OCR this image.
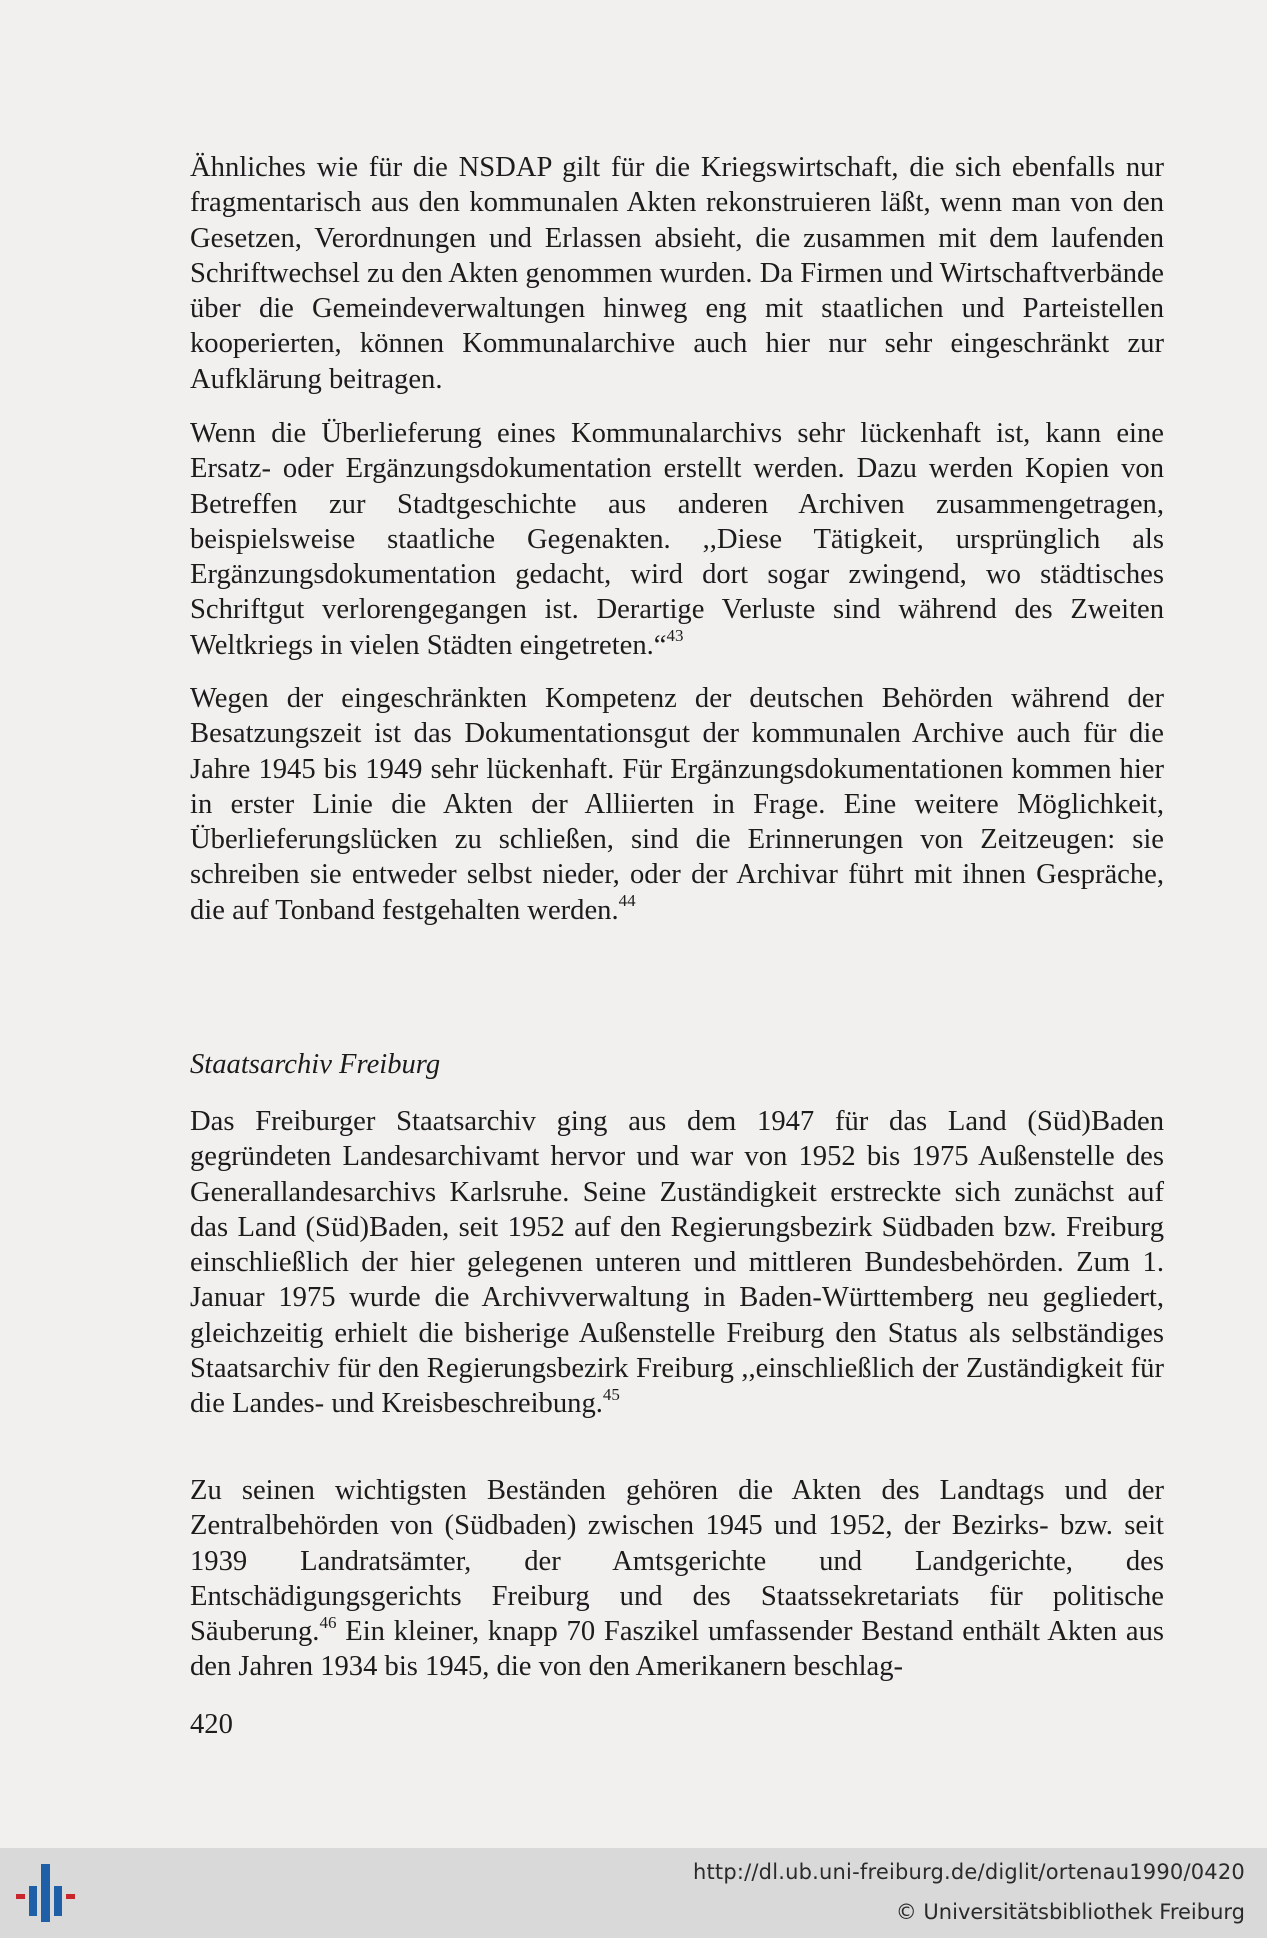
Ähnliches wie für die NSDAP gilt für die Kriegswirtschaft, die sich ebenfalls nur fragmentarisch aus den kommunalen Akten rekonstruieren läßt, wenn man von den Gesetzen, Verordnungen und Erlassen absieht, die zusammen mit dem laufenden Schriftwechsel zu den Akten genommen wurden. Da Firmen und Wirtschaftverbände über die Gemeindeverwaltungen hinweg eng mit staatlichen und Parteistellen kooperierten, können Kommunalarchive auch hier nur sehr eingeschränkt zur Aufklärung beitragen.

Wenn die Überlieferung eines Kommunalarchivs sehr lückenhaft ist, kann eine Ersatz- oder Ergänzungsdokumentation erstellt werden. Dazu werden Kopien von Betreffen zur Stadtgeschichte aus anderen Archiven zusammengetragen, beispielsweise staatliche Gegenakten. ,,Diese Tätigkeit, ursprünglich als Ergänzungsdokumentation gedacht, wird dort sogar zwingend, wo städtisches Schriftgut verlorengegangen ist. Derartige Verluste sind während des Zweiten Weltkriegs in vielen Städten eingetreten.“$^{43}$

Wegen der eingeschränkten Kompetenz der deutschen Behörden während der Besatzungszeit ist das Dokumentationsgut der kommunalen Archive auch für die Jahre 1945 bis 1949 sehr lückenhaft. Für Ergänzungsdokumentationen kommen hier in erster Linie die Akten der Alliierten in Frage. Eine weitere Möglichkeit, Überlieferungslücken zu schließen, sind die Erinnerungen von Zeitzeugen: sie schreiben sie entweder selbst nieder, oder der Archivar führt mit ihnen Gespräche, die auf Tonband festgehalten werden.$^{44}$

Staatsarchiv Freiburg

Das Freiburger Staatsarchiv ging aus dem 1947 für das Land (Süd)Baden gegründeten Landesarchivamt hervor und war von 1952 bis 1975 Außenstelle des Generallandesarchivs Karlsruhe. Seine Zuständigkeit erstreckte sich zunächst auf das Land (Süd)Baden, seit 1952 auf den Regierungsbezirk Südbaden bzw. Freiburg einschließlich der hier gelegenen unteren und mittleren Bundesbehörden. Zum 1. Januar 1975 wurde die Archivverwaltung in Baden-Württemberg neu gegliedert, gleichzeitig erhielt die bisherige Außenstelle Freiburg den Status als selbständiges Staatsarchiv für den Regierungsbezirk Freiburg ,,einschließlich der Zuständigkeit für die Landes- und Kreisbeschreibung.$^{45}$

Zu seinen wichtigsten Beständen gehören die Akten des Landtags und der Zentralbehörden von (Südbaden) zwischen 1945 und 1952, der Bezirks- bzw. seit 1939 Landratsämter, der Amtsgerichte und Landgerichte, des Entschädigungsgerichts Freiburg und des Staatssekretariats für politische Säuberung.$^{46}$ Ein kleiner, knapp 70 Faszikel umfassender Bestand enthält Akten aus den Jahren 1934 bis 1945, die von den Amerikanern beschlag-

420
http://dl.ub.uni-freiburg.de/diglit/ortenau1990/0420
© Universitätsbibliothek Freiburg
